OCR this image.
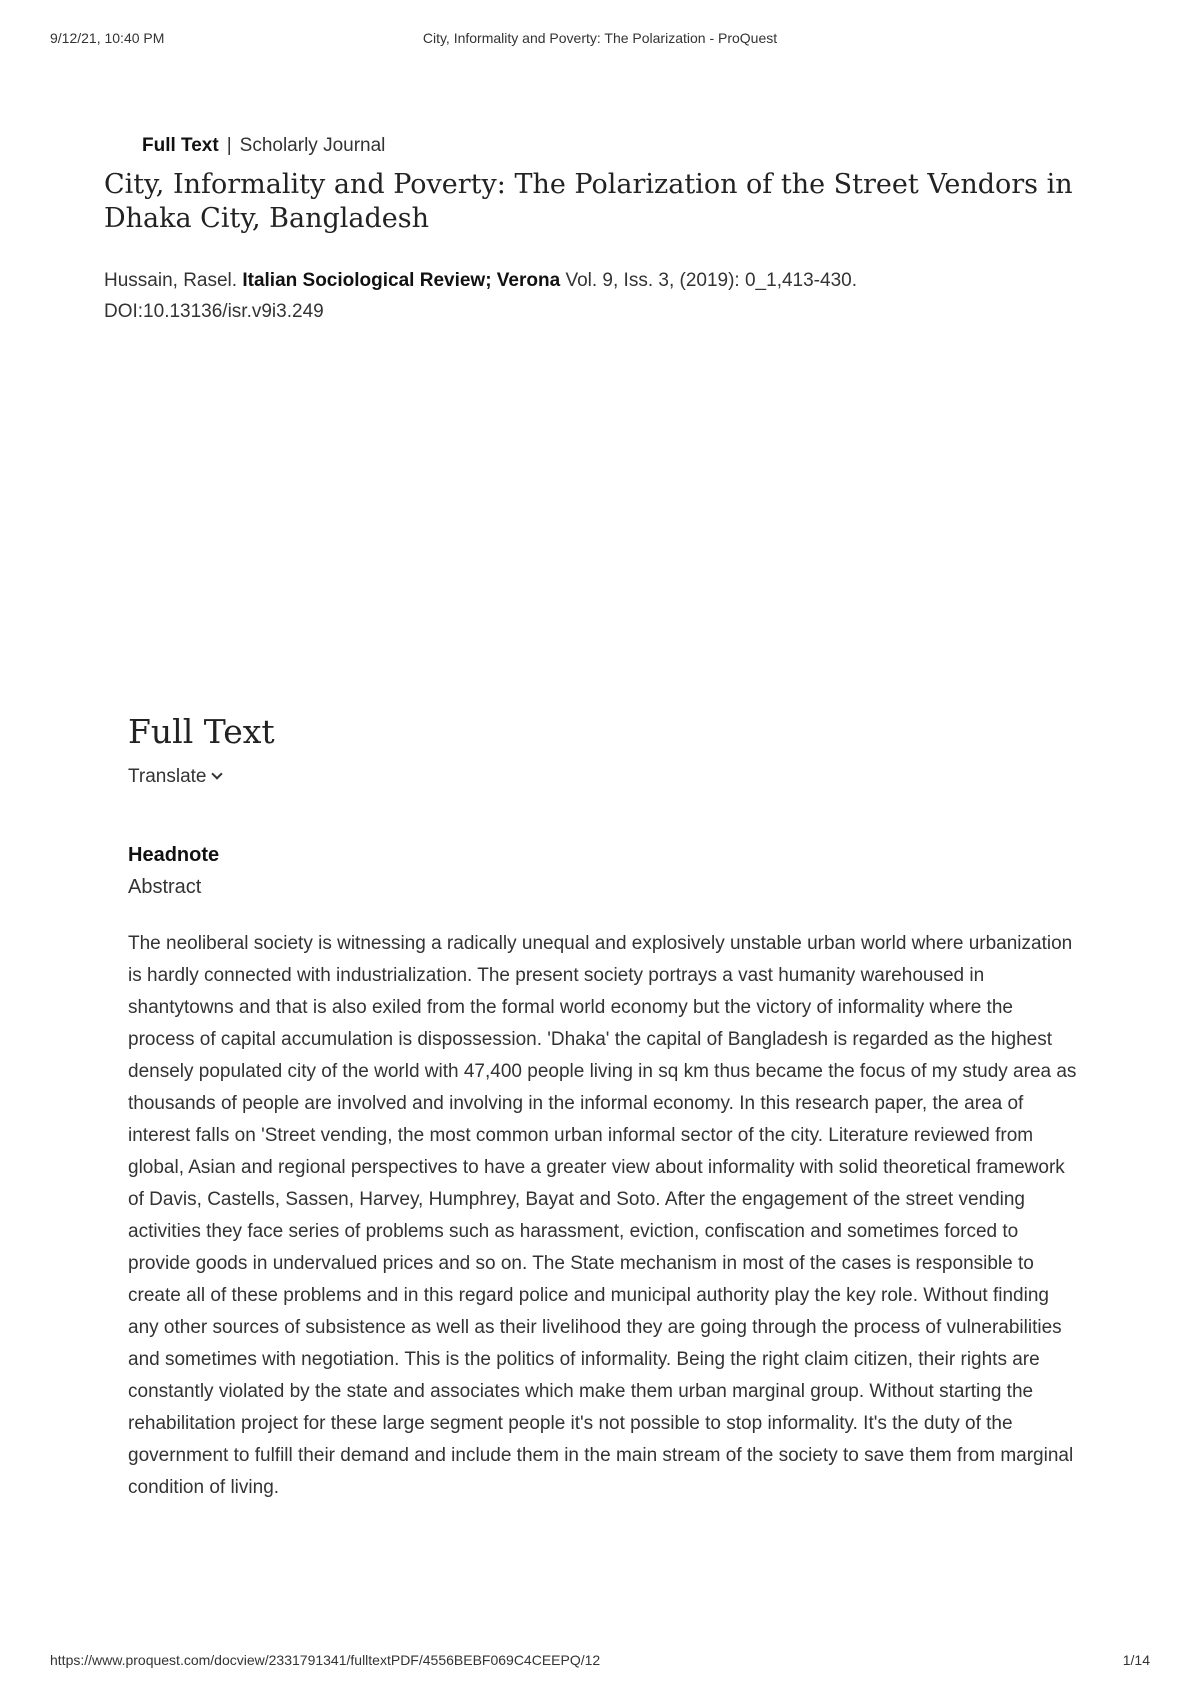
9/12/21, 10:40 PM	City, Informality and Poverty: The Polarization - ProQuest
Full Text | Scholarly Journal
City, Informality and Poverty: The Polarization of the Street Vendors in Dhaka City, Bangladesh
Hussain, Rasel. Italian Sociological Review; Verona Vol. 9, Iss. 3, (2019): 0_1,413-430.
DOI:10.13136/isr.v9i3.249
Full Text
Translate
Headnote
Abstract

The neoliberal society is witnessing a radically unequal and explosively unstable urban world where urbanization is hardly connected with industrialization. The present society portrays a vast humanity warehoused in shantytowns and that is also exiled from the formal world economy but the victory of informality where the process of capital accumulation is dispossession. 'Dhaka' the capital of Bangladesh is regarded as the highest densely populated city of the world with 47,400 people living in sq km thus became the focus of my study area as thousands of people are involved and involving in the informal economy. In this research paper, the area of interest falls on 'Street vending, the most common urban informal sector of the city. Literature reviewed from global, Asian and regional perspectives to have a greater view about informality with solid theoretical framework of Davis, Castells, Sassen, Harvey, Humphrey, Bayat and Soto. After the engagement of the street vending activities they face series of problems such as harassment, eviction, confiscation and sometimes forced to provide goods in undervalued prices and so on. The State mechanism in most of the cases is responsible to create all of these problems and in this regard police and municipal authority play the key role. Without finding any other sources of subsistence as well as their livelihood they are going through the process of vulnerabilities and sometimes with negotiation. This is the politics of informality. Being the right claim citizen, their rights are constantly violated by the state and associates which make them urban marginal group. Without starting the rehabilitation project for these large segment people it's not possible to stop informality. It's the duty of the government to fulfill their demand and include them in the main stream of the society to save them from marginal condition of living.

https://www.proquest.com/docview/2331791341/fulltextPDF/4556BEBF069C4CEEPQ/12	1/14
